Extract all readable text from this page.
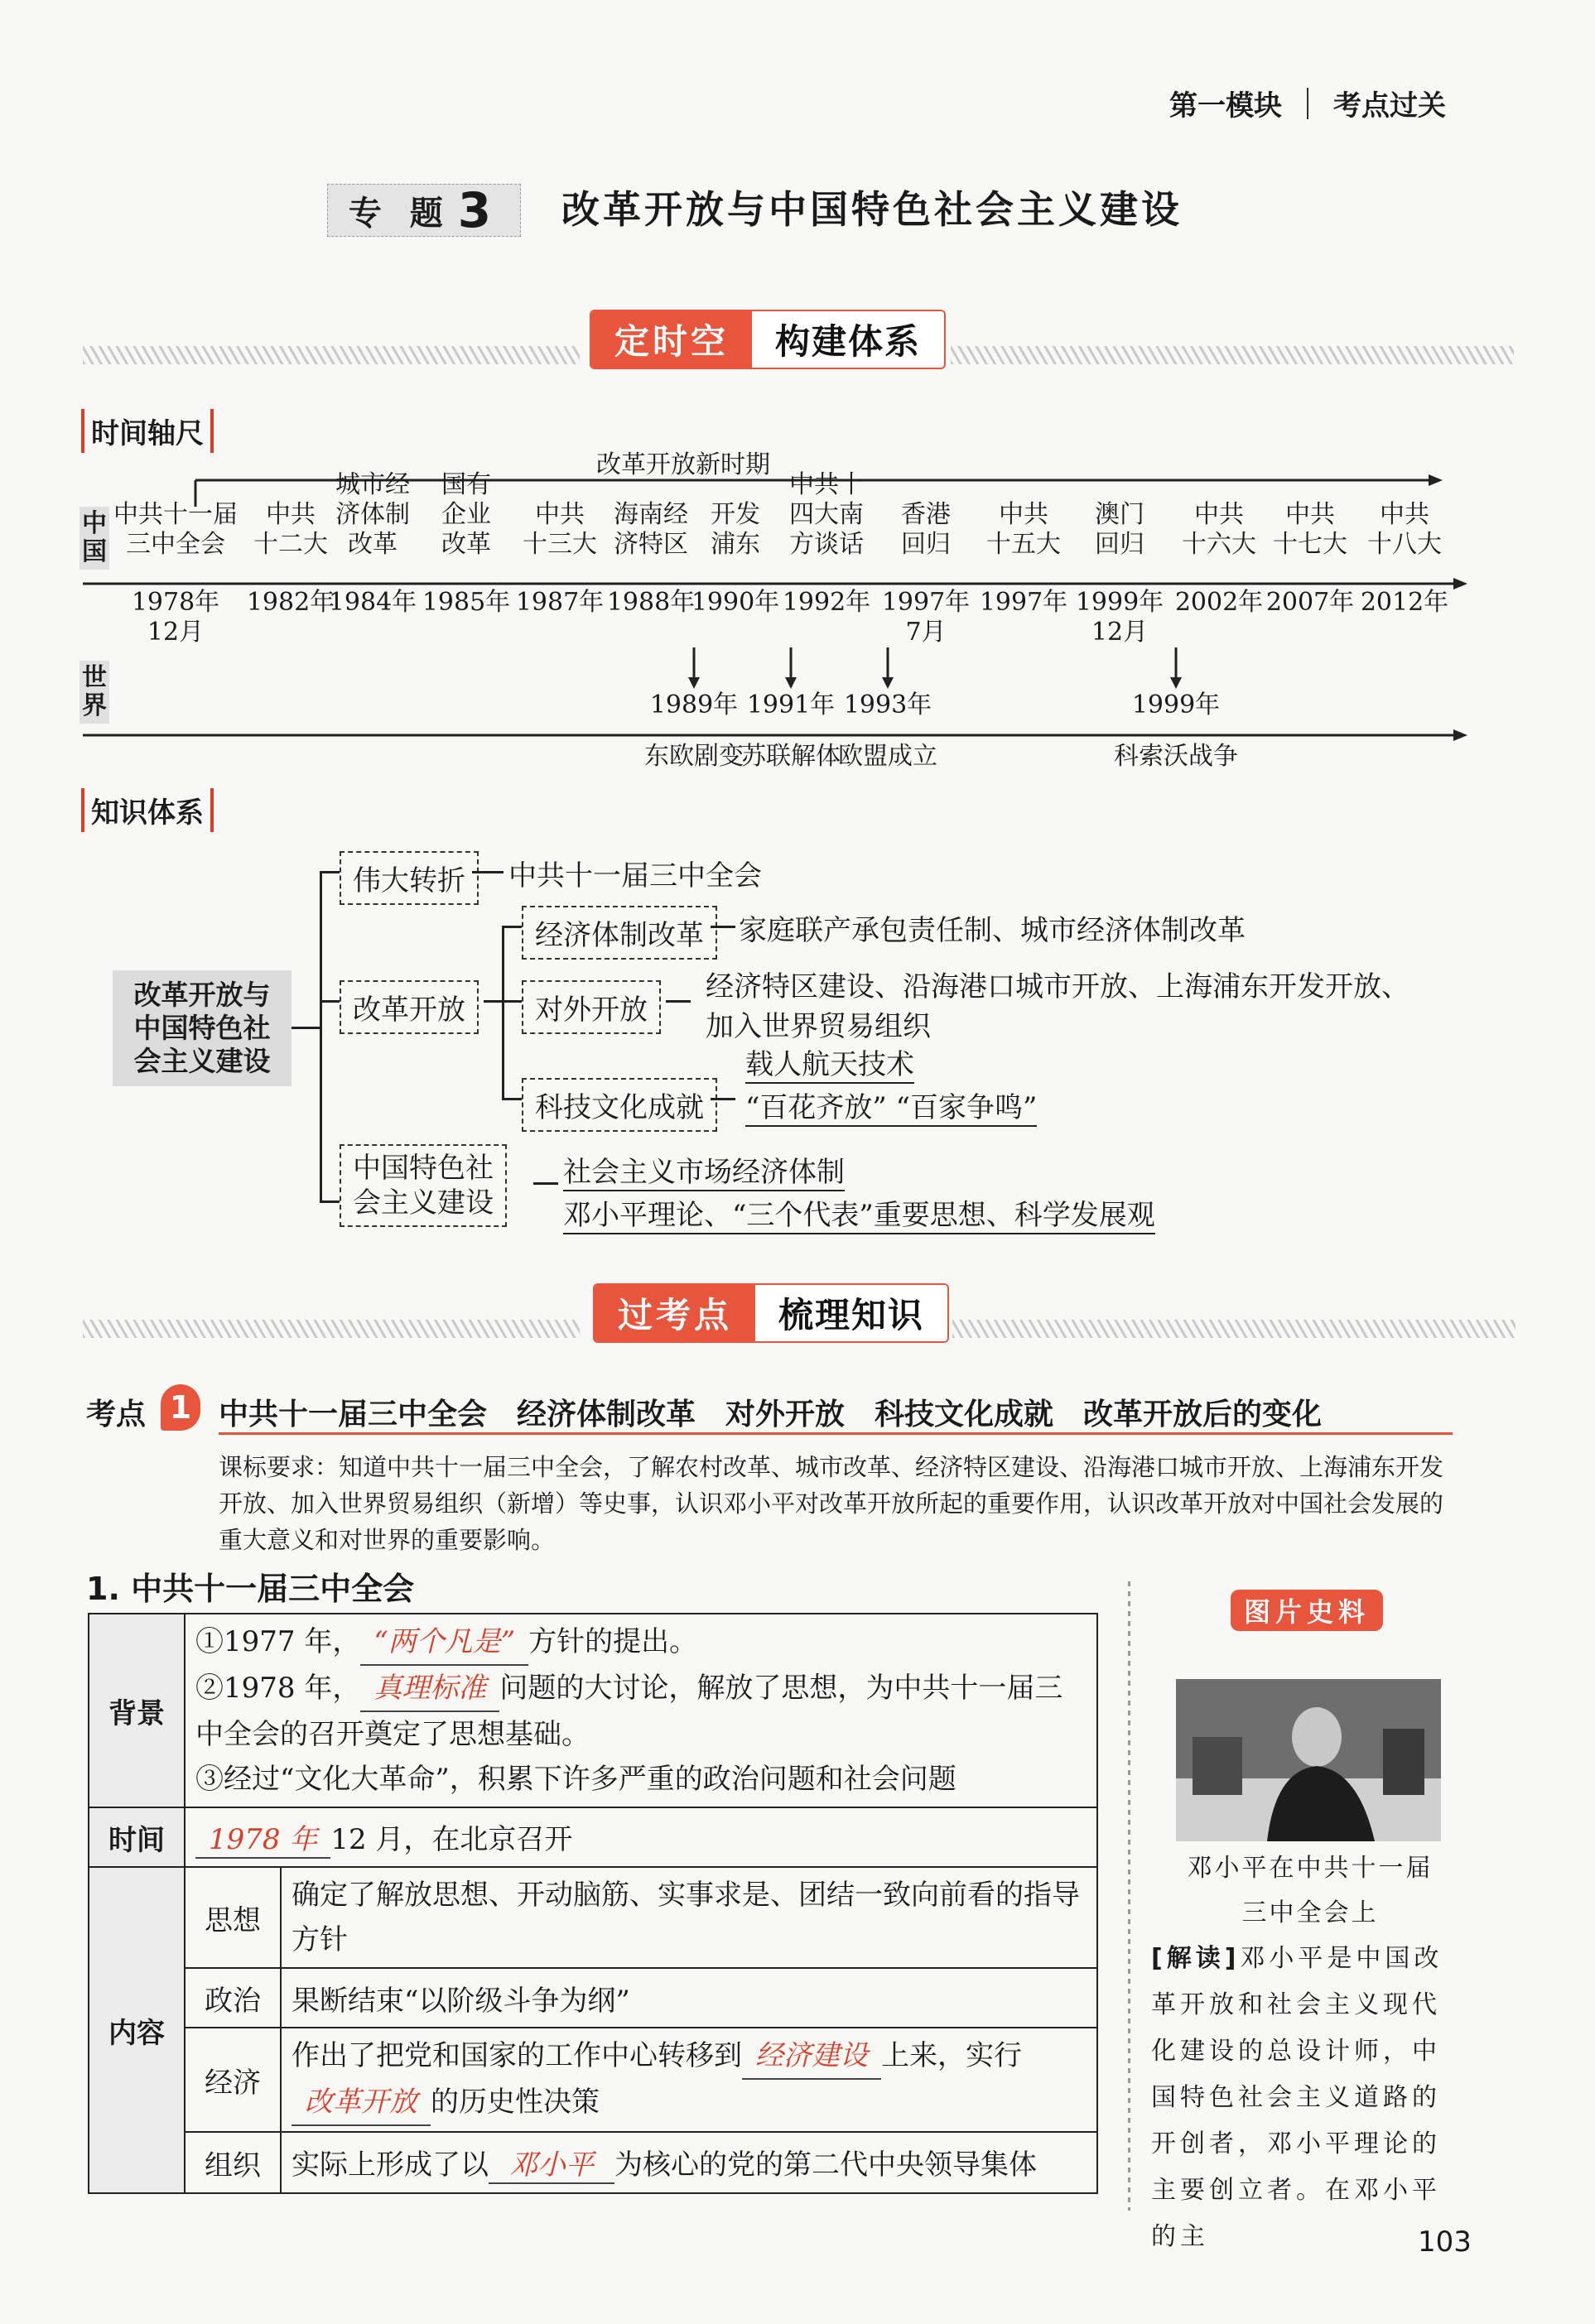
第一模块 考点过关
专 题 3 改革开放与中国特色社会主义建设
定时空	构建体系
时间轴尺
改革开放新时期
中国
世界
中共十一届
三中全会
1978年
12月
中共
十二大
1982年
城市经
济体制
改革
1984年
国有
企业
改革
1985年
中共
十三大
1987年
海南经
济特区
1988年
开发
浦东
1990年
中共十
四大南
方谈话
1992年
香港
回归
1997年
7月
中共
十五大
1997年
澳门
回归
1999年
12月
中共
十六大
2002年
中共
十七大
2007年
中共
十八大
2012年
1989年
东欧剧变
1991年
苏联解体
1993年
欧盟成立
1999年
科索沃战争
知识体系
改革开放与
中国特色社
会主义建设
伟大转折	中共十一届三中全会
改革开放
经济体制改革	家庭联产承包责任制、城市经济体制改革
对外开放
经济特区建设、沿海港口城市开放、上海浦东开发开放、
加入世界贸易组织
科技文化成就
载人航天技术
“百花齐放” “百家争鸣”
中国特色社
会主义建设
社会主义市场经济体制
邓小平理论、“三个代表”重要思想、科学发展观
过考点	梳理知识
考点 1 中共十一届三中全会　经济体制改革　对外开放　科技文化成就　改革开放后的变化
课标要求：知道中共十一届三中全会，了解农村改革、城市改革、经济特区建设、沿海港口城市开放、上海浦东开发开放、加入世界贸易组织（新增）等史事，认识邓小平对改革开放所起的重要作用，认识改革开放对中国社会发展的重大意义和对世界的重要影响。
1. 中共十一届三中全会
背景	①1977 年， “两个凡是” 方针的提出。
②1978 年， 真理标准 问题的大讨论，解放了思想，为中共十一届三中全会的召开奠定了思想基础。
③经过“文化大革命”，积累下许多严重的政治问题和社会问题	

时间	1978 年 12 月，在北京召开	
内容	思想	确定了解放思想、开动脑筋、实事求是、团结一致向前看的指导方针
	政治	果断结束“以阶级斗争为纲”
	经济	作出了把党和国家的工作中心转移到 经济建设 上来，实行改革开放 的历史性决策
	组织	实际上形成了以 邓小平 为核心的党的第二代中央领导集体
图片史料
邓小平在中共十一届
三中全会上
[解读]邓小平是中国改革开放和社会主义现代化建设的总设计师，中国特色社会主义道路的开创者，邓小平理论的主要创立者。在邓小平的主	103
